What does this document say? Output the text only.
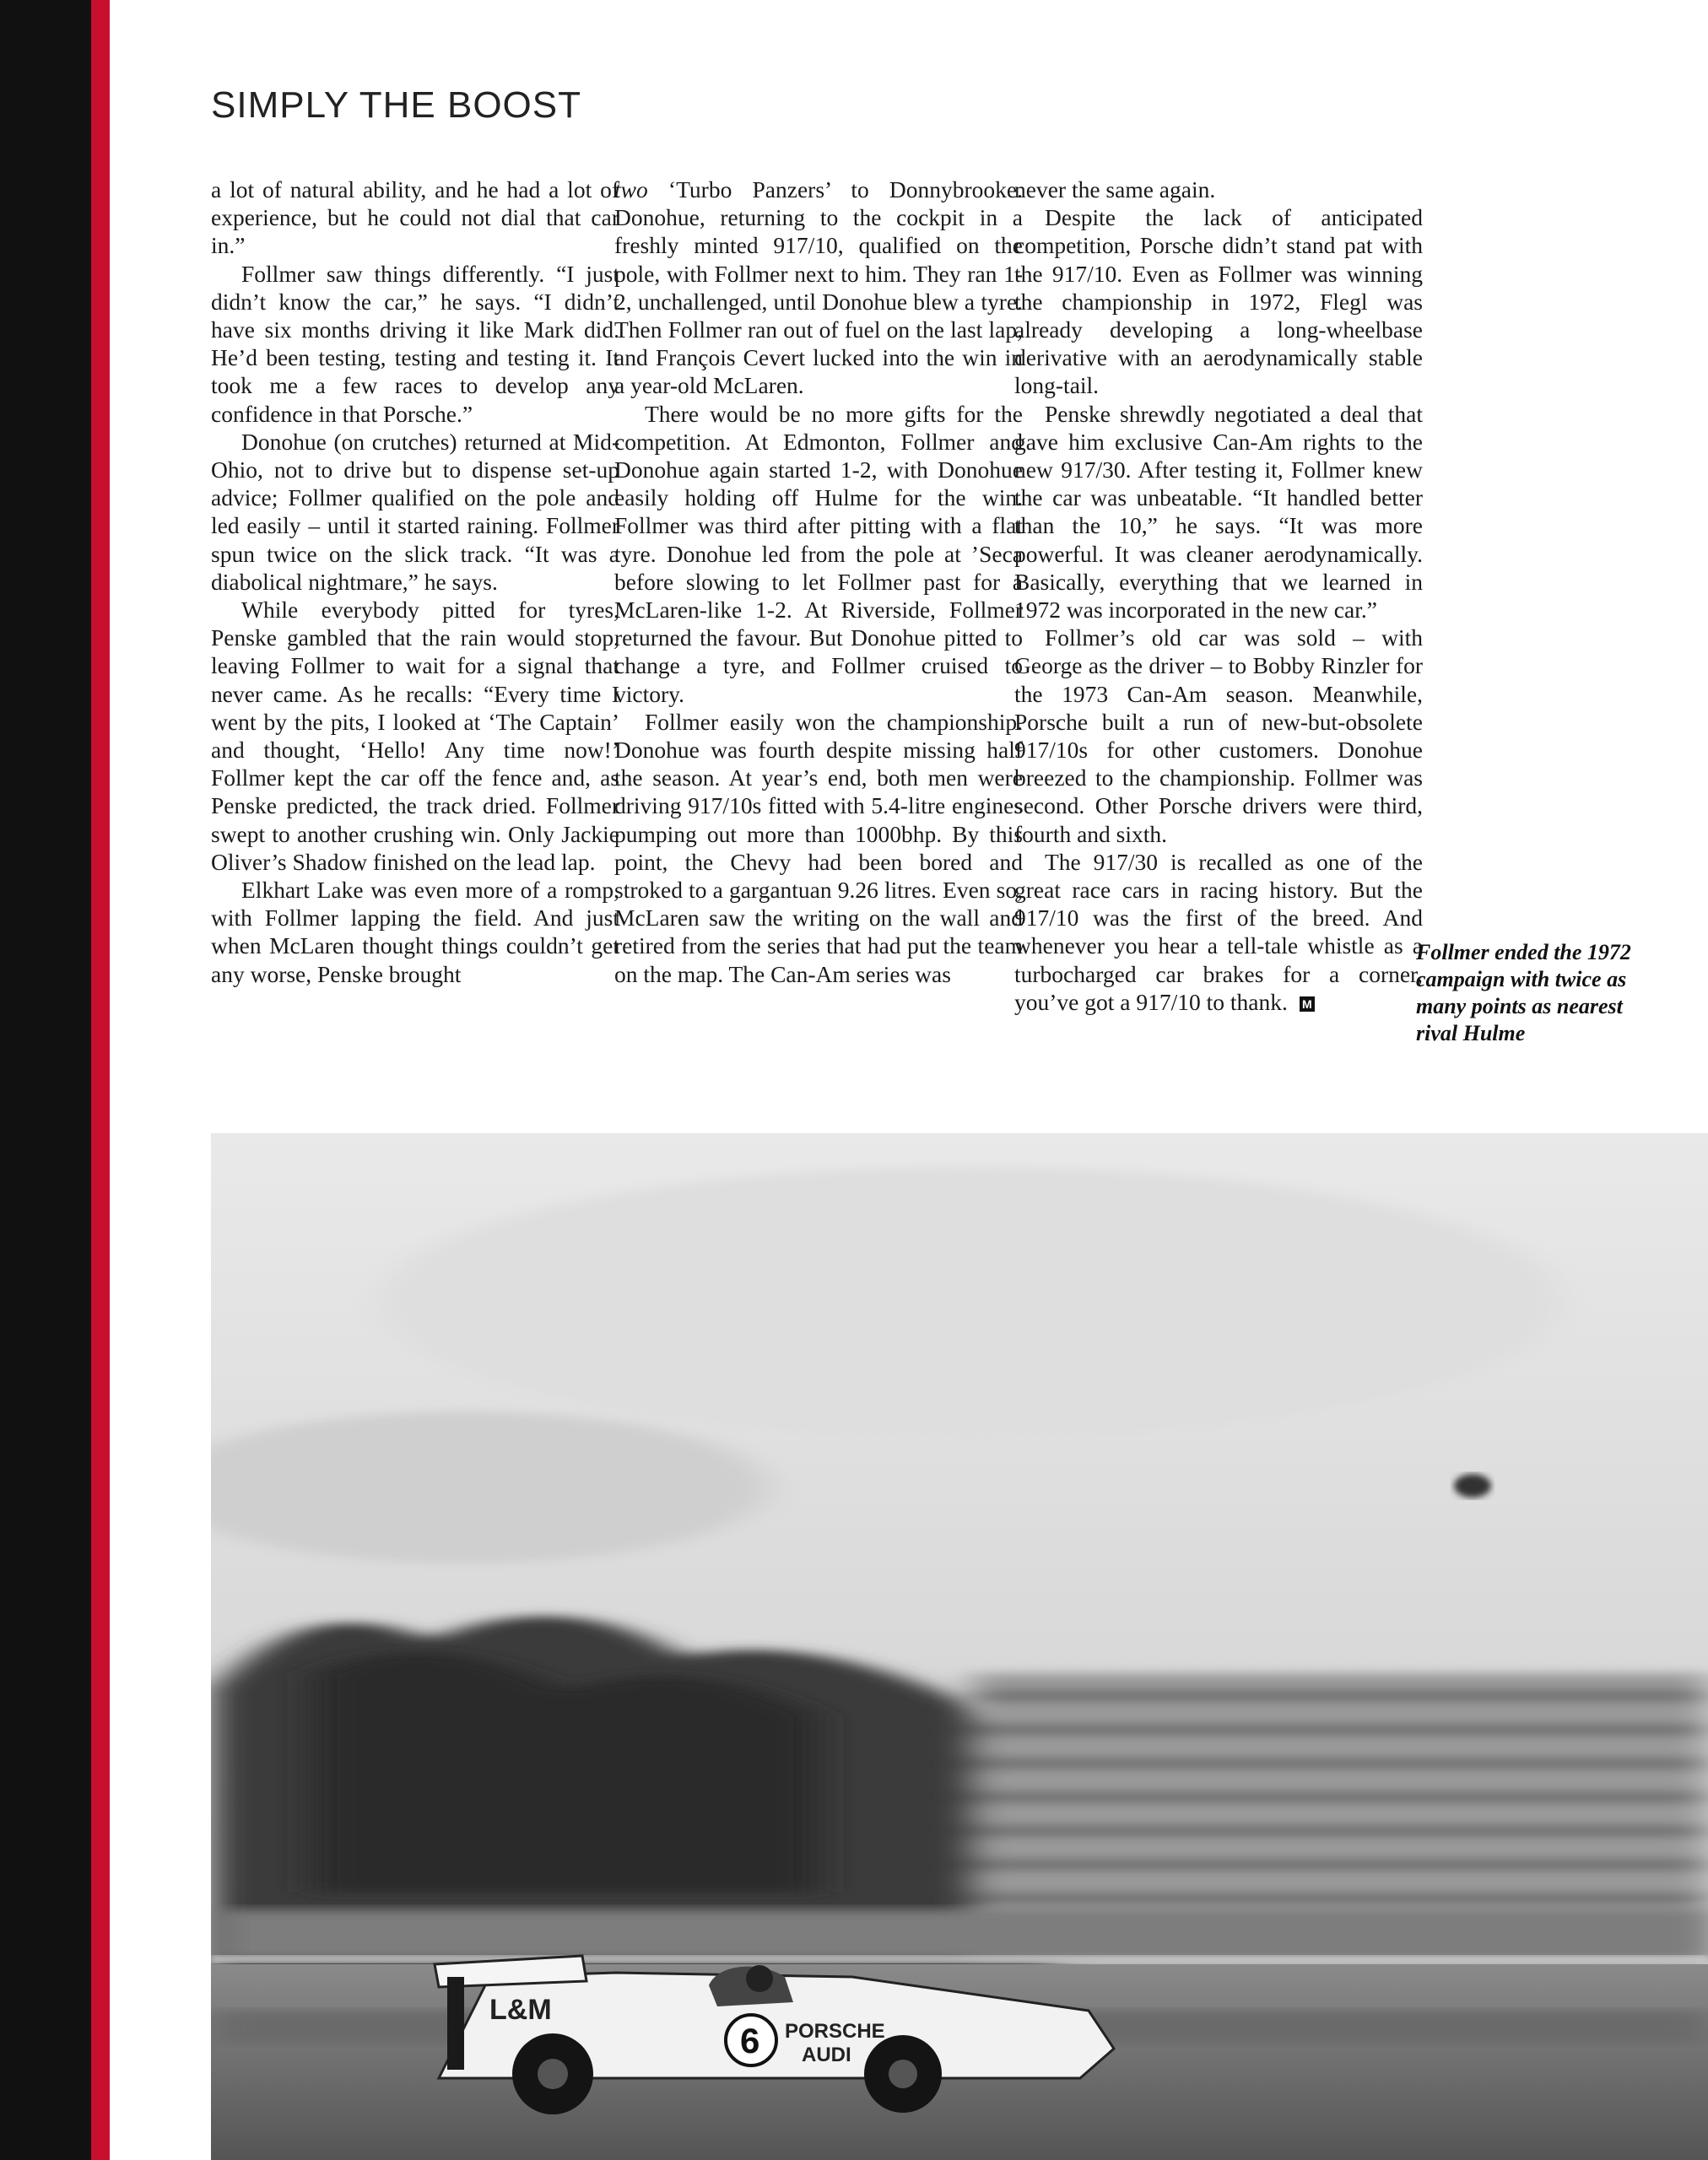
SIMPLY THE BOOST

a lot of natural ability, and he had a lot of experience, but he could not dial that car in.”

Follmer saw things differently. “I just didn’t know the car,” he says. “I didn’t have six months driving it like Mark did. He’d been testing, testing and testing it. It took me a few races to develop any confidence in that Porsche.”

Donohue (on crutches) returned at Mid-Ohio, not to drive but to dispense set-up advice; Follmer qualified on the pole and led easily – until it started raining. Follmer spun twice on the slick track. “It was a diabolical nightmare,” he says.

While everybody pitted for tyres, Penske gambled that the rain would stop, leaving Follmer to wait for a signal that never came. As he recalls: “Every time I went by the pits, I looked at ‘The Captain’ and thought, ‘Hello! Any time now!’ Follmer kept the car off the fence and, as Penske predicted, the track dried. Follmer swept to another crushing win. Only Jackie Oliver’s Shadow finished on the lead lap.

Elkhart Lake was even more of a romp, with Follmer lapping the field. And just when McLaren thought things couldn’t get any worse, Penske brought

two ‘Turbo Panzers’ to Donnybrooke. Donohue, returning to the cockpit in a freshly minted 917/10, qualified on the pole, with Follmer next to him. They ran 1-2, unchallenged, until Donohue blew a tyre. Then Follmer ran out of fuel on the last lap, and François Cevert lucked into the win in a year-old McLaren.

There would be no more gifts for the competition. At Edmonton, Follmer and Donohue again started 1-2, with Donohue easily holding off Hulme for the win. Follmer was third after pitting with a flat tyre. Donohue led from the pole at ’Seca before slowing to let Follmer past for a McLaren-like 1-2. At Riverside, Follmer returned the favour. But Donohue pitted to change a tyre, and Follmer cruised to victory.

Follmer easily won the championship. Donohue was fourth despite missing half the season. At year’s end, both men were driving 917/10s fitted with 5.4-litre engines pumping out more than 1000bhp. By this point, the Chevy had been bored and stroked to a gargantuan 9.26 litres. Even so, McLaren saw the writing on the wall and retired from the series that had put the team on the map. The Can-Am series was

never the same again.

Despite the lack of anticipated competition, Porsche didn’t stand pat with the 917/10. Even as Follmer was winning the championship in 1972, Flegl was already developing a long-wheelbase derivative with an aerodynamically stable long-tail.

Penske shrewdly negotiated a deal that gave him exclusive Can-Am rights to the new 917/30. After testing it, Follmer knew the car was unbeatable. “It handled better than the 10,” he says. “It was more powerful. It was cleaner aerodynamically. Basically, everything that we learned in 1972 was incorporated in the new car.”

Follmer’s old car was sold – with George as the driver – to Bobby Rinzler for the 1973 Can-Am season. Meanwhile, Porsche built a run of new-but-obsolete 917/10s for other customers. Donohue breezed to the championship. Follmer was second. Other Porsche drivers were third, fourth and sixth.

The 917/30 is recalled as one of the great race cars in racing history. But the 917/10 was the first of the breed. And whenever you hear a tell-tale whistle as a turbocharged car brakes for a corner, you’ve got a 917/10 to thank. M

Follmer ended the 1972 campaign with twice as many points as nearest rival Hulme
L&M
6 PORSCHE
AUDI
